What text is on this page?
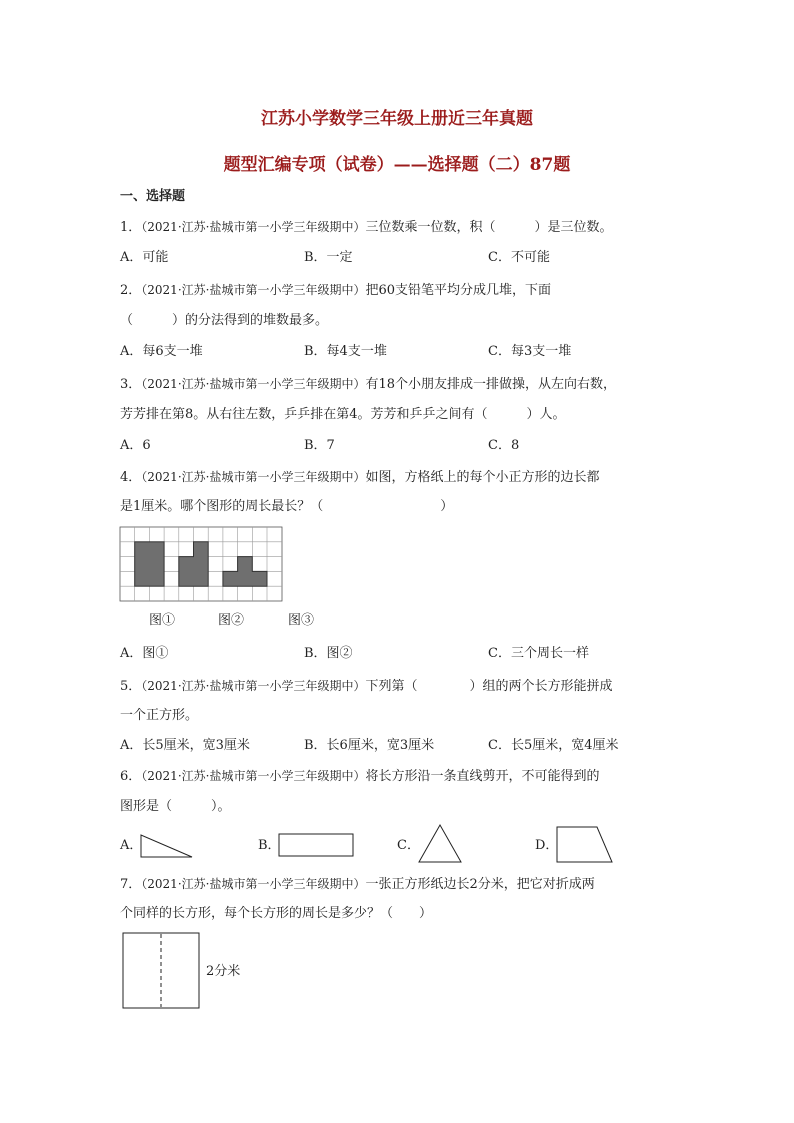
江苏小学数学三年级上册近三年真题
题型汇编专项（试卷）——选择题（二）87题
一、选择题
1．（2021·江苏·盐城市第一小学三年级期中）三位数乘一位数，积（　　　）是三位数。
A．可能	B．一定	C．不可能
2．（2021·江苏·盐城市第一小学三年级期中）把60支铅笔平均分成几堆，下面
（　　　）的分法得到的堆数最多。
A．每6支一堆	B．每4支一堆	C．每3支一堆
3．（2021·江苏·盐城市第一小学三年级期中）有18个小朋友排成一排做操，从左向右数，
芳芳排在第8。从右往左数，乒乒排在第4。芳芳和乒乒之间有（　　　）人。
A．6	B．7	C．8
4．（2021·江苏·盐城市第一小学三年级期中）如图，方格纸上的每个小正方形的边长都
是1厘米。哪个图形的周长最长？（　　　　　　　　　）
图①	图②	图③
A．图①	B．图②	C．三个周长一样
5．（2021·江苏·盐城市第一小学三年级期中）下列第（　　　　）组的两个长方形能拼成
一个正方形。
A．长5厘米，宽3厘米	B．长6厘米，宽3厘米	C．长5厘米，宽4厘米
6．（2021·江苏·盐城市第一小学三年级期中）将长方形沿一条直线剪开，不可能得到的
图形是（　　　）。
A．	B．	C．	D．
7．（2021·江苏·盐城市第一小学三年级期中）一张正方形纸边长2分米，把它对折成两
个同样的长方形，每个长方形的周长是多少？（　　）
2分米
